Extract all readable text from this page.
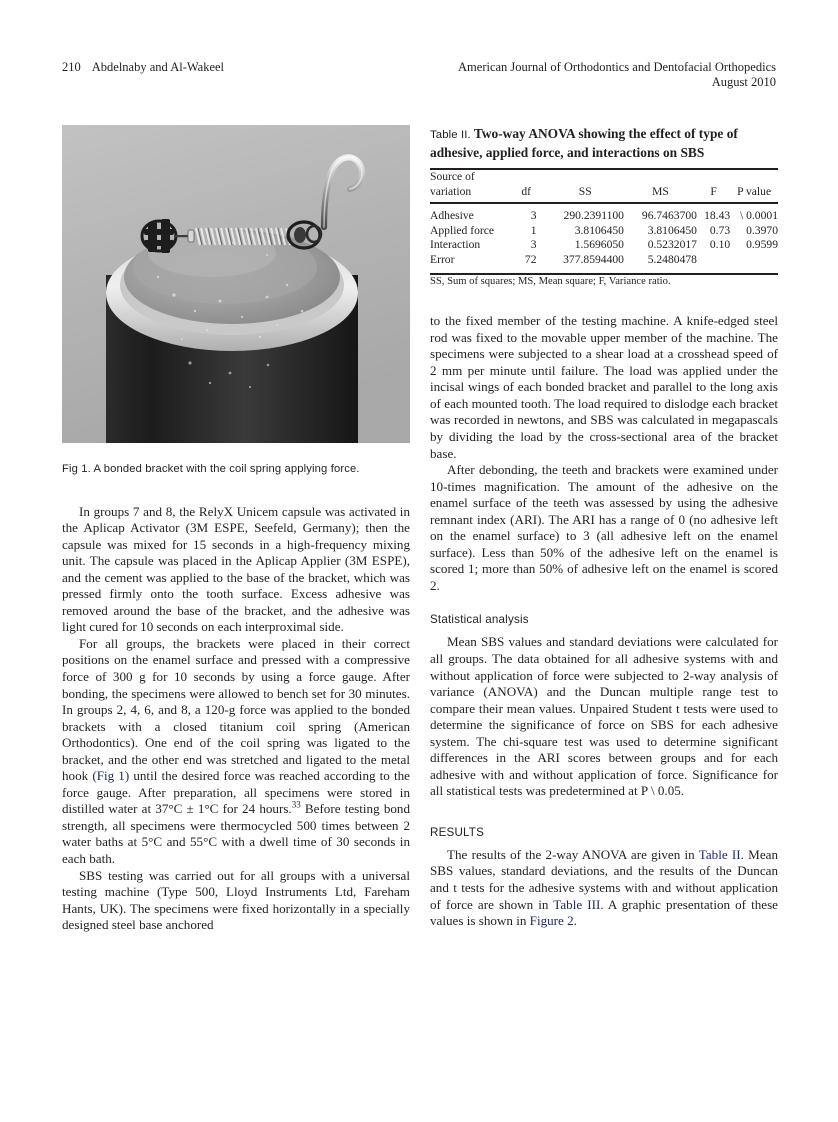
210 Abdelnaby and Al-Wakeel	American Journal of Orthodontics and Dentofacial Orthopedics
August 2010
Fig 1. A bonded bracket with the coil spring applying force.

In groups 7 and 8, the RelyX Unicem capsule was activated in the Aplicap Activator (3M ESPE, Seefeld, Germany); then the capsule was mixed for 15 seconds in a high-frequency mixing unit. The capsule was placed in the Aplicap Applier (3M ESPE), and the cement was applied to the base of the bracket, which was pressed firmly onto the tooth surface. Excess adhesive was removed around the base of the bracket, and the adhesive was light cured for 10 seconds on each interproximal side.

For all groups, the brackets were placed in their correct positions on the enamel surface and pressed with a compressive force of 300 g for 10 seconds by using a force gauge. After bonding, the specimens were allowed to bench set for 30 minutes. In groups 2, 4, 6, and 8, a 120-g force was applied to the bonded brackets with a closed titanium coil spring (American Orthodontics). One end of the coil spring was ligated to the bracket, and the other end was stretched and ligated to the metal hook (Fig 1) until the desired force was reached according to the force gauge. After preparation, all specimens were stored in distilled water at 37°C ± 1°C for 24 hours.$^{33}$ Before testing bond strength, all specimens were thermocycled 500 times between 2 water baths at 5°C and 55°C with a dwell time of 30 seconds in each bath.

SBS testing was carried out for all groups with a universal testing machine (Type 500, Lloyd Instruments Ltd, Fareham Hants, UK). The specimens were fixed horizontally in a specially designed steel base anchored

Table II. Two-way ANOVA showing the effect of type of adhesive, applied force, and interactions on SBS
Source of
variation	df	SS	MS	F	P value
Adhesive	3	290.2391100	96.7463700	18.43	\ 0.0001
Applied force	1	3.8106450	3.8106450	0.73	0.3970
Interaction	3	1.5696050	0.5232017	0.10	0.9599
Error	72	377.8594400	5.2480478		
SS, Sum of squares; MS, Mean square; F, Variance ratio.					

to the fixed member of the testing machine. A knife-edged steel rod was fixed to the movable upper member of the machine. The specimens were subjected to a shear load at a crosshead speed of 2 mm per minute until failure. The load was applied under the incisal wings of each bonded bracket and parallel to the long axis of each mounted tooth. The load required to dislodge each bracket was recorded in newtons, and SBS was calculated in megapascals by dividing the load by the cross-sectional area of the bracket base.

After debonding, the teeth and brackets were examined under 10-times magnification. The amount of the adhesive on the enamel surface of the teeth was assessed by using the adhesive remnant index (ARI). The ARI has a range of 0 (no adhesive left on the enamel surface) to 3 (all adhesive left on the enamel surface). Less than 50% of the adhesive left on the enamel is scored 1; more than 50% of adhesive left on the enamel is scored 2.

Statistical analysis

Mean SBS values and standard deviations were calculated for all groups. The data obtained for all adhesive systems with and without application of force were subjected to 2-way analysis of variance (ANOVA) and the Duncan multiple range test to compare their mean values. Unpaired Student t tests were used to determine the significance of force on SBS for each adhesive system. The chi-square test was used to determine significant differences in the ARI scores between groups and for each adhesive with and without application of force. Significance for all statistical tests was predetermined at P \ 0.05.

RESULTS

The results of the 2-way ANOVA are given in Table II. Mean SBS values, standard deviations, and the results of the Duncan and t tests for the adhesive systems with and without application of force are shown in Table III. A graphic presentation of these values is shown in Figure 2.
